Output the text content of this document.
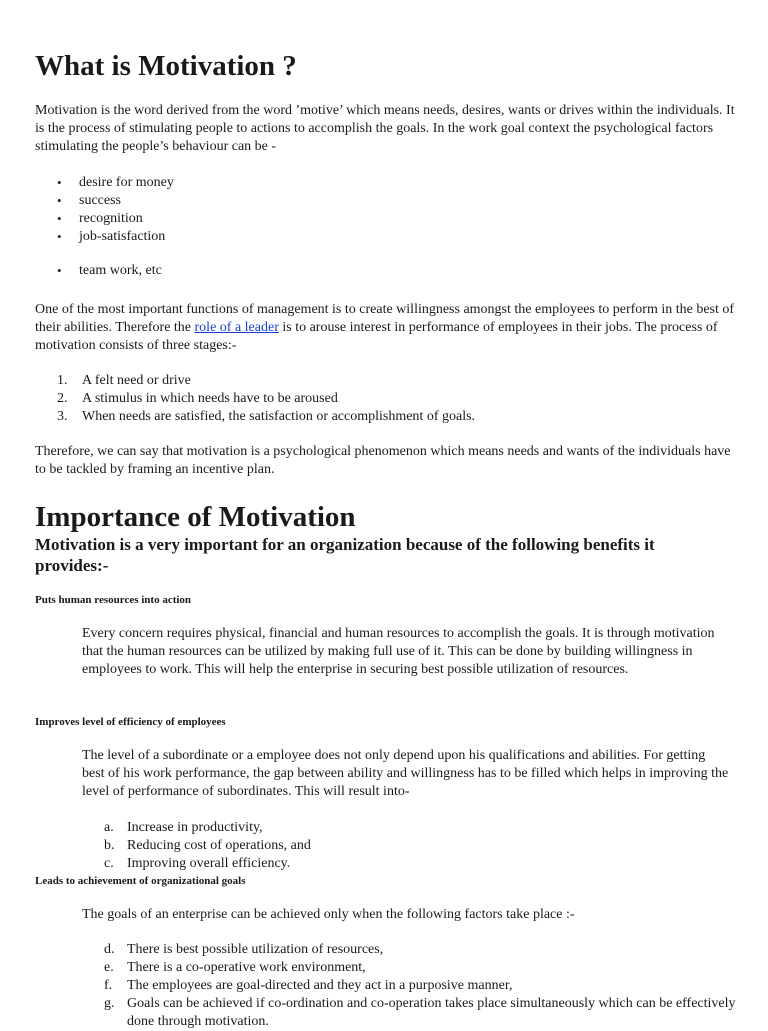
What is Motivation ?

Motivation is the word derived from the word ’motive’ which means needs, desires, wants or drives within the individuals. It is the process of stimulating people to actions to accomplish the goals. In the work goal context the psychological factors stimulating the people’s behaviour can be -

• desire for money
• success
• recognition
• job-satisfaction
• team work, etc

One of the most important functions of management is to create willingness amongst the employees to perform in the best of their abilities. Therefore the role of a leader is to arouse interest in performance of employees in their jobs. The process of motivation consists of three stages:-

1. A felt need or drive
2. A stimulus in which needs have to be aroused
3. When needs are satisfied, the satisfaction or accomplishment of goals.

Therefore, we can say that motivation is a psychological phenomenon which means needs and wants of the individuals have to be tackled by framing an incentive plan.

Importance of Motivation

Motivation is a very important for an organization because of the following benefits it provides:-

Puts human resources into action

Every concern requires physical, financial and human resources to accomplish the goals. It is through motivation that the human resources can be utilized by making full use of it. This can be done by building willingness in employees to work. This will help the enterprise in securing best possible utilization of resources.

Improves level of efficiency of employees

The level of a subordinate or a employee does not only depend upon his qualifications and abilities. For getting best of his work performance, the gap between ability and willingness has to be filled which helps in improving the level of performance of subordinates. This will result into-

a. Increase in productivity,
b. Reducing cost of operations, and
c. Improving overall efficiency.

Leads to achievement of organizational goals

The goals of an enterprise can be achieved only when the following factors take place :-

d. There is best possible utilization of resources,
e. There is a co-operative work environment,
f. The employees are goal-directed and they act in a purposive manner,
g. Goals can be achieved if co-ordination and co-operation takes place simultaneously which can be effectively done through motivation.
